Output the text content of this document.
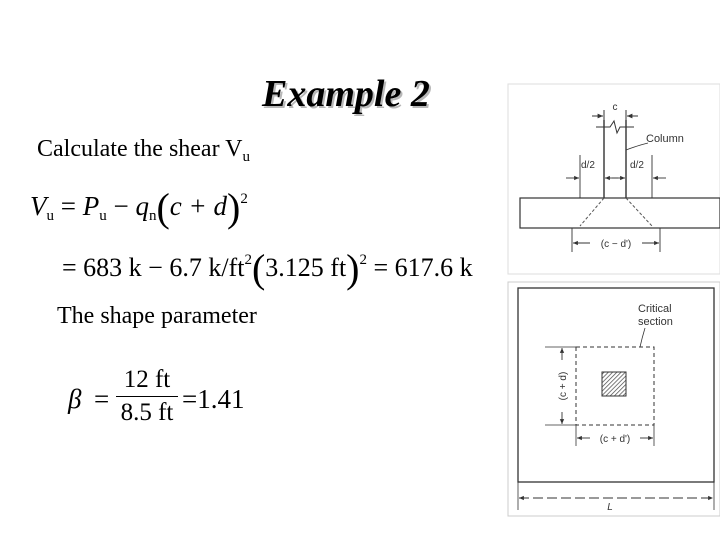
Example 2
Calculate the shear $V_u$
$V_u = P_u - q_n(c + d)^2$
= 683 k − 6.7 $k/ft^2(3.125$ ft)$^2$ = 617.6 k
The shape parameter
β =
12 ft
8.5 ft =1.41
c
Column
d/2	d/2
(c − d')
Critical
section
(c + d)
(c + d')
L
